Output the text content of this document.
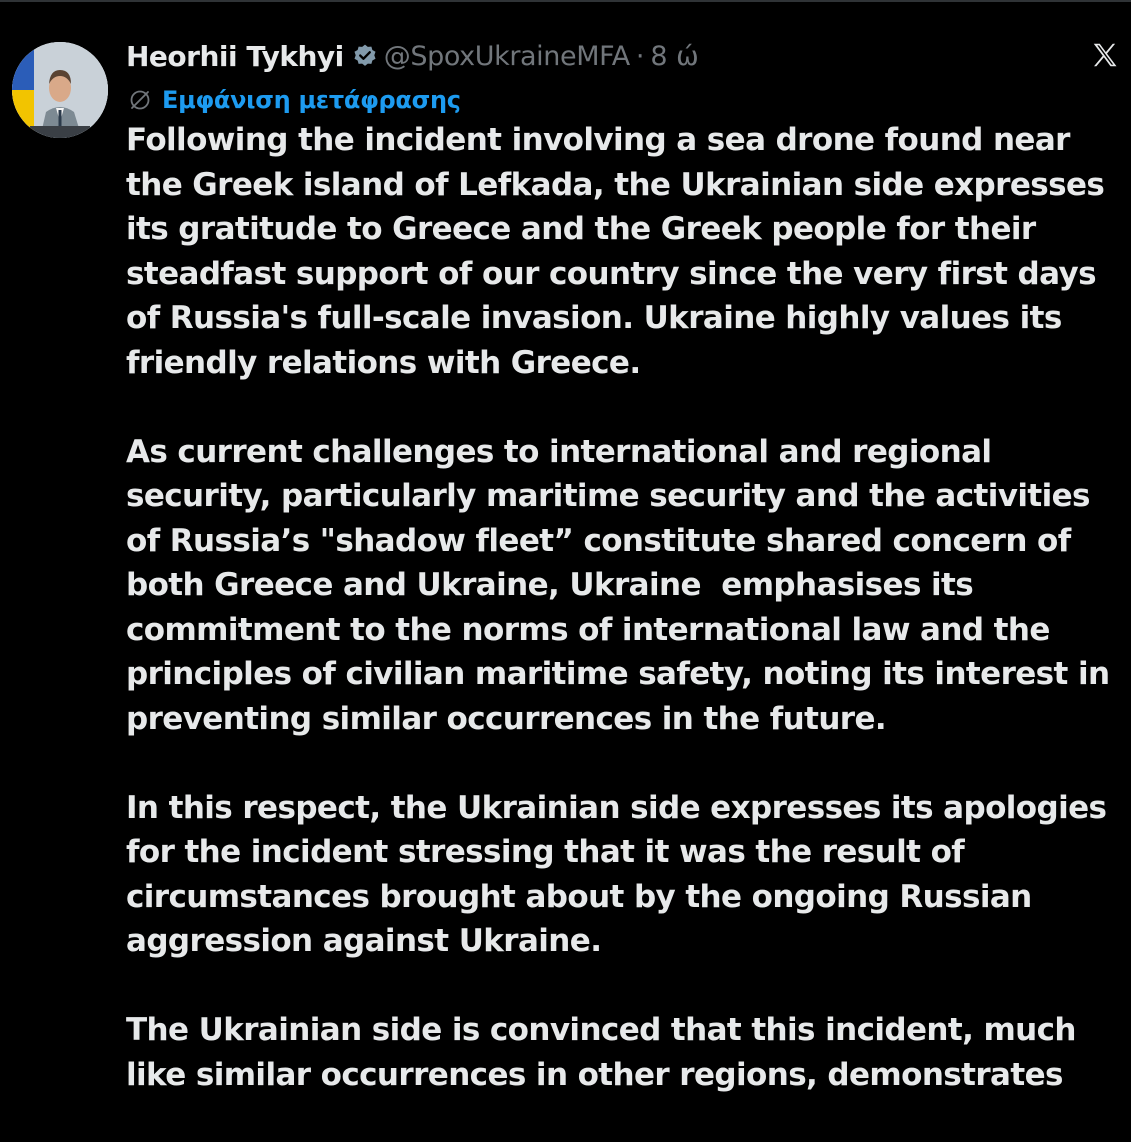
Heorhii Tykhyi @SpoxUkraineMFA · 8 ώ
Εμφάνιση μετάφρασης

Following the incident involving a sea drone found near
the Greek island of Lefkada, the Ukrainian side expresses
its gratitude to Greece and the Greek people for their
steadfast support of our country since the very first days
of Russia's full-scale invasion. Ukraine highly values its
friendly relations with Greece.

As current challenges to international and regional
security, particularly maritime security and the activities
of Russia’s "shadow fleet” constitute shared concern of
both Greece and Ukraine, Ukraine  emphasises its
commitment to the norms of international law and the
principles of civilian maritime safety, noting its interest in
preventing similar occurrences in the future.

In this respect, the Ukrainian side expresses its apologies
for the incident stressing that it was the result of
circumstances brought about by the ongoing Russian
aggression against Ukraine.

The Ukrainian side is convinced that this incident, much
like similar occurrences in other regions, demonstrates
